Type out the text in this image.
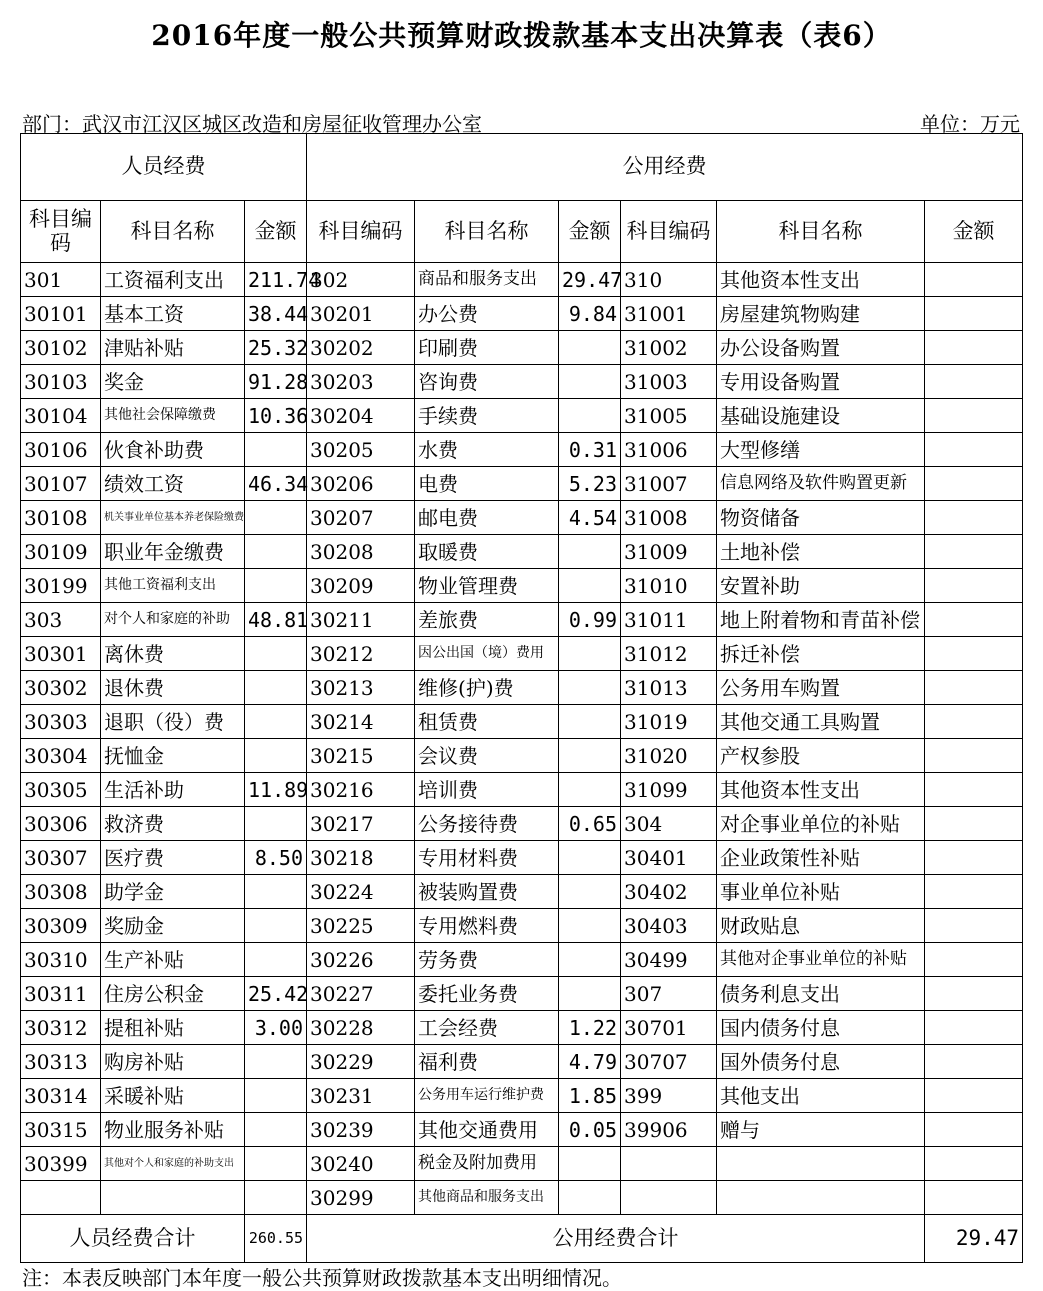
2016年度一般公共预算财政拨款基本支出决算表（表6）
部门：武汉市江汉区城区改造和房屋征收管理办公室	单位：万元
人员经费			公用经费					
科目编码	科目名称	金额	科目编码	科目名称	金额	科目编码	科目名称	金额
301	工资福利支出	211.74	302	商品和服务支出	29.47	310	其他资本性支出	
30101	基本工资	38.44	30201	办公费	9.84	31001	房屋建筑物购建	
30102	津贴补贴	25.32	30202	印刷费		31002	办公设备购置	
30103	奖金	91.28	30203	咨询费		31003	专用设备购置	
30104	其他社会保障缴费	10.36	30204	手续费		31005	基础设施建设	
30106	伙食补助费		30205	水费	0.31	31006	大型修缮	
30107	绩效工资	46.34	30206	电费	5.23	31007	信息网络及软件购置更新	
30108	机关事业单位基本养老保险缴费		30207	邮电费	4.54	31008	物资储备	
30109	职业年金缴费		30208	取暖费		31009	土地补偿	
30199	其他工资福利支出		30209	物业管理费		31010	安置补助	
303	对个人和家庭的补助	48.81	30211	差旅费	0.99	31011	地上附着物和青苗补偿	
30301	离休费		30212	因公出国（境）费用		31012	拆迁补偿	
30302	退休费		30213	维修(护)费		31013	公务用车购置	
30303	退职（役）费		30214	租赁费		31019	其他交通工具购置	
30304	抚恤金		30215	会议费		31020	产权参股	
30305	生活补助	11.89	30216	培训费		31099	其他资本性支出	
30306	救济费		30217	公务接待费	0.65	304	对企事业单位的补贴	
30307	医疗费	8.50	30218	专用材料费		30401	企业政策性补贴	
30308	助学金		30224	被装购置费		30402	事业单位补贴	
30309	奖励金		30225	专用燃料费		30403	财政贴息	
30310	生产补贴		30226	劳务费		30499	其他对企事业单位的补贴	
30311	住房公积金	25.42	30227	委托业务费		307	债务利息支出	
30312	提租补贴	3.00	30228	工会经费	1.22	30701	国内债务付息	
30313	购房补贴		30229	福利费	4.79	30707	国外债务付息	
30314	采暖补贴		30231	公务用车运行维护费	1.85	399	其他支出	
30315	物业服务补贴		30239	其他交通费用	0.05	39906	赠与	
30399	其他对个人和家庭的补助支出		30240	税金及附加费用				
			30299	其他商品和服务支出				
人员经费合计		260.55	公用经费合计					29.47
注：本表反映部门本年度一般公共预算财政拨款基本支出明细情况。
